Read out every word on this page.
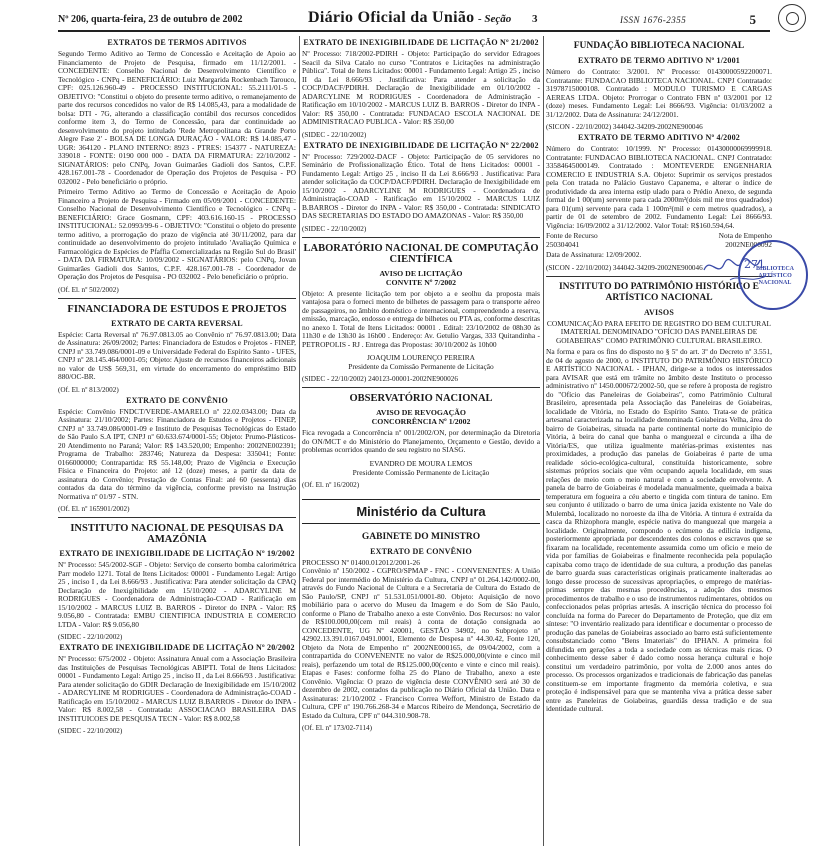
Nº 206, quarta-feira, 23 de outubro de 2002	Diário Oficial da União - Seção 3	ISSN 1676-2355	5
EXTRATOS DE TERMOS ADITIVOS

Segundo Termo Aditivo ao Termo de Concessão e Aceitação de Apoio ao Financiamento de Projeto de Pesquisa, firmado em 11/12/2001. - CONCEDENTE: Conselho Nacional de Desenvolvimento Científico e Tecnológico - CNPq - BENEFICIÁRIO: Luiz Margarida Rockenbach Tarouco, CPF: 025.126.960-49 - PROCESSO INSTITUCIONAL: 55.2111/01-5 - OBJETIVO: "Constitui o objeto do presente termo aditivo, o remanejamento de parte dos recursos concedidos no valor de R$ 14.085,43, para a modalidade de bolsa: DTI - 7G, alterando a classificação contábil dos recursos concedidos conforme item 3, do Termo de Concessão, para dar continuidade ao desenvolvimento do projeto intitulado 'Rede Metropolitana da Grande Porto Alegre Fase 2' - BOLSA DE LONGA DURAÇÃO - VALOR: R$ 14.085,47 - UGR: 364120 - PLANO INTERNO: 8923 - PTRES: 154377 - NATUREZA: 339018 - FONTE: 0190 000 000 - DATA DA FIRMATURA: 22/10/2002 - SIGNATÁRIOS: pelo CNPq, Jovan Guimarães Gadioli dos Santos, C.P.F. 428.167.001-78 - Coordenador de Operação dos Projetos de Pesquisa - PO 032002 - Pelo beneficiário o próprio.

Primeiro Termo Aditivo ao Termo de Concessão e Aceitação de Apoio Financeiro a Projeto de Pesquisa - Firmado em 05/09/2001 - CONCEDENTE: Conselho Nacional de Desenvolvimento Científico e Tecnológico - CNPq - BENEFICIÁRIO: Grace Gosmann, CPF: 403.616.160-15 - PROCESSO INSTITUCIONAL: 52.0993/99-6 - OBJETIVO: "Constitui o objeto do presente termo aditivo, a prorrogação do prazo de vigência até 30/11/2002, para dar continuidade ao desenvolvimento do projeto intitulado 'Avaliação Química e Farmacológica de Espécies de Pfaffia Comercializadas na Região Sul do Brasil' - DATA DA FIRMATURA: 10/09/2002 - SIGNATÁRIOS: pelo CNPq, Jovan Guimarães Gadioli dos Santos, C.P.F. 428.167.001-78 - Coordenador de Operação dos Projetos de Pesquisa - PO 032002 - Pelo beneficiário o próprio.

(Of. El. nº 502/2002)
FINANCIADORA DE ESTUDOS E PROJETOS
EXTRATO DE CARTA REVERSAL

Espécie: Carta Reversal nº 76.97.0813.05 ao Convênio nº 76.97.0813.00; Data de Assinatura: 26/09/2002; Partes: Financiadora de Estudos e Projetos - FINEP, CNPJ nº 33.749.086/0001-09 e Universidade Federal do Espírito Santo - UFES, CNPJ nº 28.145.464/0001-05; Objeto: Ajuste de recursos financeiros adicionais no valor de US$ 569,31, em virtude do encerramento do empréstimo BID 880/OC-BR.

(Of. El. nº 813/2002)
EXTRATO DE CONVÊNIO

Espécie: Convênio FNDCT/VERDE-AMARELO nº 22.02.0343.00; Data da Assinatura: 21/10/2002; Partes: Financiadora de Estudos e Projetos - FINEP, CNPJ nº 33.749.086/0001-09 e Instituto de Pesquisas Tecnológicas do Estado de São Paulo S.A IPT, CNPJ nº 60.633.674/0001-55; Objeto: Prumo-Plásticos-20 Atendimento no Paraná; Valor: R$ 143.520,00; Empenho: 2002NE002391; Programa de Trabalho: 283746; Natureza da Despesa: 335041; Fonte: 0166000000; Contrapartida: R$ 55.148,00; Prazo de Vigência e Execução Física e Financeira do Projeto: até 12 (doze) meses, a partir da data de assinatura do Convênio; Prestação de Contas Final: até 60 (sessenta) dias contados da data do término da vigência, conforme previsto na Instrução Normativa nº 01/97 - STN.

(Of. El. nº 165901/2002)
INSTITUTO NACIONAL DE PESQUISAS DA AMAZÔNIA
EXTRATO DE INEXIGIBILIDADE DE LICITAÇÃO Nº 19/2002

Nº Processo: 545/2002-SGF - Objeto: Serviço de conserto bomba calorimétrica Parr modelo 1271. Total de Itens Licitados: 00001 - Fundamento Legal: Artigo 25 , inciso I , da Lei 8.666/93 . Justificativa: Para atender solicitação da CPAQ Declaração de Inexigibilidade em 15/10/2002 - ADARCYLINE M RODRIGUES - Coordenadora de Administração-COAD - Ratificação em 15/10/2002 - MARCUS LUIZ B. BARROS - Diretor do INPA - Valor: R$ 9.056,80 - Contratada: EMBU CIENTIFICA INDUSTRIA E COMERCIO LTDA - Valor: R$ 9.056,80

(SIDEC - 22/10/2002)
EXTRATO DE INEXIGIBILIDADE DE LICITAÇÃO Nº 20/2002

Nº Processo: 675/2002 - Objeto: Assinatura Anual com a Associação Brasileira das Instituições de Pesquisas Tecnológicas ABIPTI. Total de Itens Licitados: 00001 - Fundamento Legal: Artigo 25 , inciso II , da Lei 8.666/93 . Justificativa: Para atender solicitação do GDIR Declaração de Inexigibilidade em 15/10/2002 - ADARCYLINE M RODRIGUES - Coordenadora de Administração-COAD - Ratificação em 15/10/2002 - MARCUS LUIZ B.BARROS - Diretor do INPA - Valor: R$ 8.002,58 - Contratada: ASSOCIACAO BRASILEIRA DAS INSTITUICOES DE PESQUISA TECN - Valor: R$ 8.002,58

(SIDEC - 22/10/2002)
EXTRATO DE INEXIGIBILIDADE DE LICITAÇÃO Nº 21/2002

Nº Processo: 718/2002-PDIRH - Objeto: Participação do servidor Edragoes Seacil da Silva Catalo no curso "Contratos e Licitações na administração Pública". Total de Itens Licitados: 00001 - Fundamento Legal: Artigo 25 , inciso II da Lei 8.666/93 . Justificativa: Para atender a solicitação da COCP/DACF/PDIRH. Declaração de Inexigibilidade em 01/10/2002 - ADARCYLINE M RODRIGUES - Coordenadora de Administração - Ratificação em 10/10/2002 - MARCUS LUIZ B. BARROS - Diretor do INPA - Valor: R$ 350,00 - Contratada: FUNDACAO ESCOLA NACIONAL DE ADMINISTRACAO PUBLICA - Valor: R$ 350,00

(SIDEC - 22/10/2002)
EXTRATO DE INEXIGIBILIDADE DE LICITAÇÃO Nº 22/2002

Nº Processo: 729/2002-DACF - Objeto: Participação de 05 servidores no Seminário de Profissionalização Ético. Total de Itens Licitados: 00001 - Fundamento Legal: Artigo 25 , inciso II da Lei 8.666/93 . Justificativa: Para atender solicitação da COCP/DACF/PDIRH. Declaração de Inexigibilidade em 15/10/2002 - ADARCYLINE M RODRIGUES - Coordenadora de Administração-COAD - Ratificação em 15/10/2002 - MARCUS LUIZ B.BARROS - Diretor do INPA - Valor: R$ 350,00 - Contratada: SINDICATO DAS SECRETARIAS DO ESTADO DO AMAZONAS - Valor: R$ 350,00

(SIDEC - 22/10/2002)
LABORATÓRIO NACIONAL DE COMPUTAÇÃO CIENTÍFICA
AVISO DE LICITAÇÃO
CONVITE Nº 7/2002

Objeto: A presente licitação tem por objeto a e seolhu da proposta mais vantajosa para o forneci mento de bilhetes de passagem para o transporte aéreo de passageiros, no âmbito doméstico e internacional, compreendendo a reserva, emissão, marcação, endosso e entrega de bilhetes ou PTA as, conforme descritas no anexo I. Total de Itens Licitados: 00001 . Edital: 23/10/2002 de 08h30 às 11h30 e de 13h30 às 16h00 . Endereço: Av. Getulio Vargas, 333 Quitandinha - PETROPOLIS - RJ . Entrega das Propostas: 30/10/2002 às 10h00

JOAQUIM LOURENÇO PEREIRA
Presidente da Comissão Permanente de Licitação
(SIDEC - 22/10/2002) 240123-00001-2002NE900026
OBSERVATÓRIO NACIONAL
AVISO DE REVOGAÇÃO
CONCORRÊNCIA Nº 1/2002

Fica revogada a Concorrência nº 001/2002/ON, por determinação da Diretoria do ON/MCT e do Ministério do Planejamento, Orçamento e Gestão, devido a problemas ocorridos quando de seu registro no SIASG.

EVANDRO DE MOURA LEMOS
Presidente Comissão Permanente de Licitação
(Of. El. nº 16/2002)
Ministério da Cultura
GABINETE DO MINISTRO
EXTRATO DE CONVÊNIO

PROCESSO Nº 01400.012012/2001-26
Convênio nº 150/2002 - CGPRO/SPMAP - FNC - CONVENENTES: A União Federal por intermédio do Ministério da Cultura, CNPJ nº 01.264.142/0002-00, através do Fundo Nacional de Cultura e a Secretaria de Cultura do Estado de São Paulo/SP, CNPJ nº 51.531.051/0001-80. Objeto: Aquisição de novo mobiliário para o acervo do Museu da Imagem e do Som de São Paulo, conforme o Plano de Trabalho anexo a este Convênio. Dos Recursos: no valor de R$100.000,00(cem mil reais) à conta de dotação consignada ao CONCEDENTE, UG Nº 420001, GESTÃO 34902, no Subprojeto nº 42902.13.391.0167.0491.0001, Elemento de Despesa nº 44.30.42, Fonte 120, Objeto da Nota de Empenho nº 2002NE000165, de 09/04/2002, com a contrapartida do CONVENENTE no valor de R$25.000,00(vinte e cinco mil reais), perfazendo um total de R$125.000,00(cento e vinte e cinco mil reais). Etapas e Fases: conforme folha 25 do Plano de Trabalho, anexo a este Convênio. Vigência: O prazo de vigência deste CONVÊNIO será até 30 de dezembro de 2002, contados da publicação no Diário Oficial da União. Data e Assinaturas: 21/10/2002 - Francisco Correa Weffort, Ministro de Estado da Cultura, CPF nº 190.766.268-34 e Marcos Ribeiro de Mendonça, Secretário de Estado da Cultura, CPF nº 044.310.908-78.

(Of. El. nº 173/02-7114)
FUNDAÇÃO BIBLIOTECA NACIONAL
EXTRATO DE TERMO ADITIVO Nº 1/2001

Número do Contrato: 3/2001. Nº Processo: 01430000592200071. Contratante: FUNDACAO BIBLIOTECA NACIONAL. CNPJ Contratado: 31978715000108. Contratado : MODULO TURISMO E CARGAS AEREAS LTDA. Objeto: Prorrogar o Contrato FBN nº 03/2001 por 12 (doze) meses. Fundamento Legal: Lei 8666/93. Vigência: 01/03/2002 a 31/12/2002. Data de Assinatura: 24/12/2001.

(SICON - 22/10/2002) 344042-34209-2002NE900046
EXTRATO DE TERMO ADITIVO Nº 4/2002

Número do Contrato: 10/1999. Nº Processo: 01430000069999918. Contratante: FUNDACAO BIBLIOTECA NACIONAL. CNPJ Contratado: 33584645000149. Contratado : MONTEVERDE ENGENHARIA COMERCIO E INDUSTRIA S.A. Objeto: Suprimir os serviços prestados pela Con tratada no Palácio Gustavo Capanema, e alterar o índice de produtividade da area interna estip ulado para o Prédio Anexo, de segunda formal de 1 00(um) servente para cada 2000m²(dois mil me tros quadrados) para 01(um) servente para cada 1 100m²(mil e cem metros quadrados), a partir de 01 de setembro de 2002. Fundamento Legal: Lei 8666/93. Vigência: 16/09/2002 a 31/12/2002. Valor Total: R$160.594,64.

Fonte de Recurso	Nota de Empenho
250304041	2002NE000092
Data de Assinatura: 12/09/2002.
(SICON - 22/10/2002) 344042-34209-2002NE900046
INSTITUTO DO PATRIMÔNIO HISTÓRICO E ARTÍSTICO NACIONAL
AVISOS
COMUNICAÇÃO PARA EFEITO DE REGISTRO DO BEM CULTURAL IMATERIAL DENOMINADO "OFÍCIO DAS PANELEIRAS DE GOIABEIRAS" COMO PATRIMÔNIO CULTURAL BRASILEIRO.

Na forma e para os fins do disposto no § 5º do art. 3º do Decreto nº 3.551, de 04 de agosto de 2000, o INSTITUTO DO PATRIMÔNIO HISTÓRICO E ARTÍSTICO NACIONAL - IPHAN, dirige-se a todos os interessados para AVISAR que está em trâmite no âmbito deste Instituto o processo administrativo nº 1450.000672/2002-50, que se refere à proposta de registro do "Ofício das Paneleiras de Goiabeiras", como Patrimônio Cultural Brasileiro, apresentada pela Associação das Paneleiras de Goiabeiras, localidade de Vitória, no Estado do Espírito Santo. Trata-se de prática artesanal caracterizada na localidade denominada Goiabeiras Velha, área do bairro de Goiabeiras, situada na parte continental norte do município de Vitória, à beira do canal que banha o manguezal e circunda a ilha de Vitória/ES, que utiliza igualmente matérias-primas existentes nas proximidades, a produção das panelas de Goiabeiras é parte de uma realidade sócio-ecológica-cultural, constituída historicamente, sobre sistemas próprios sociais que vêm ocupando aquela localidade, em suas relações de meio com o meio natural e com a sociedade envolvente. A panela de barro de Goiabeiras é modelada manualmente, queimada a baixa temperatura em fogueira a céu aberto e tingida com tintura de tanino. Em seu conjunto é utilizado o barro de uma única jazida existente no Vale do Mulembá, localizado no noroeste da ilha de Vitória. A tintura é extraída da casca da Rhizophora mangle, espécie nativa do manguezal que margeia a localidade. Originalmente, compondo o ecúmeno da edilícia indígena, posteriormente apropriada por descendentes dos colonos e escravos que se fixaram na localidade, recentemente assumida como um ofício e meio de vida por famílias de Goiabeiras e finalmente reconhecida pela população capixaba como traço de identidade de sua cultura, a produção das panelas de barro guarda suas características originais praticamente inalteradas ao longo desse processo de sucessivas apropriações, o emprego de matérias-primas sempre das mesmas procedências, a adoção dos mesmos procedimentos de trabalho e o uso de instrumentos rudimentares, obtidos ou confeccionados pelas próprias artesãs. A inscrição técnica do processo foi concluída na forma do Parecer do Departamento de Proteção, que diz em síntese: "O inventário realizado para identificar e documentar o processo de produção das panelas de Goiabeiras associado ao barro está suficientemente consubstanciado como "Bens Imateriais" do IPHAN. A primeira foi difundida em gerações a toda a sociedade com as técnicas mais ricas. O conhecimento desse saber é dado como nossa herança cultural e hoje constitui um verdadeiro patrimônio, por volta de 2.000 anos antes do processo. Os processos organizados e tradicionais de fabricação das panelas constituem-se em importante fragmento da memória coletiva, e sua proteção é indispensável para que se mantenha viva a prática desse saber entre as Paneleiras de Goiabeiras, guardiãs dessa tradição e de sua identidade cultural.

BIBLIOTECA
ARTÍSTICO
NACIONAL
271
